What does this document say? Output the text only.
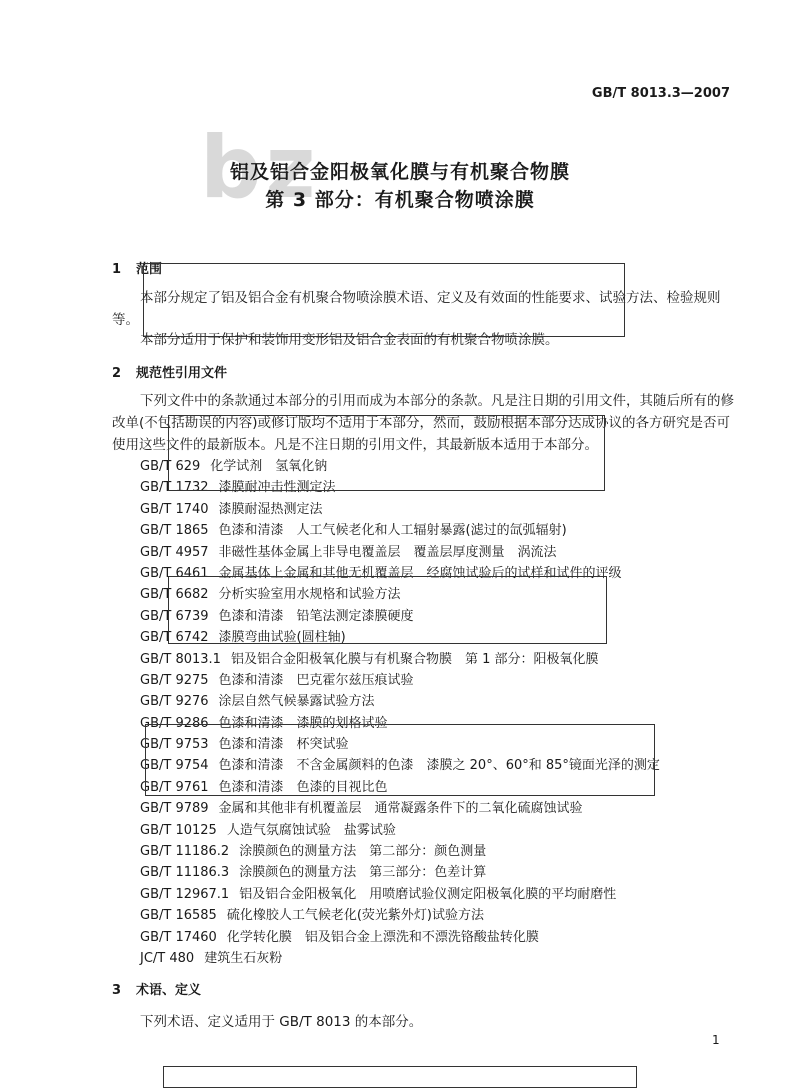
GB/T 8013.3—2007
bz
铝及铝合金阳极氧化膜与有机聚合物膜
第 3 部分：有机聚合物喷涂膜
1 范围
本部分规定了铝及铝合金有机聚合物喷涂膜术语、定义及有效面的性能要求、试验方法、检验规则等。
本部分适用于保护和装饰用变形铝及铝合金表面的有机聚合物喷涂膜。
2 规范性引用文件
下列文件中的条款通过本部分的引用而成为本部分的条款。凡是注日期的引用文件，其随后所有的修改单(不包括勘误的内容)或修订版均不适用于本部分，然而，鼓励根据本部分达成协议的各方研究是否可使用这些文件的最新版本。凡是不注日期的引用文件，其最新版本适用于本部分。
GB/T 629 化学试剂　氢氧化钠
GB/T 1732 漆膜耐冲击性测定法
GB/T 1740 漆膜耐湿热测定法
GB/T 1865 色漆和清漆　人工气候老化和人工辐射暴露(滤过的氙弧辐射)
GB/T 4957 非磁性基体金属上非导电覆盖层　覆盖层厚度测量　涡流法
GB/T 6461 金属基体上金属和其他无机覆盖层　经腐蚀试验后的试样和试件的评级
GB/T 6682 分析实验室用水规格和试验方法
GB/T 6739 色漆和清漆　铅笔法测定漆膜硬度
GB/T 6742 漆膜弯曲试验(圆柱轴)
GB/T 8013.1 铝及铝合金阳极氧化膜与有机聚合物膜　第 1 部分：阳极氧化膜
GB/T 9275 色漆和清漆　巴克霍尔兹压痕试验
GB/T 9276 涂层自然气候暴露试验方法
GB/T 9286 色漆和清漆　漆膜的划格试验
GB/T 9753 色漆和清漆　杯突试验
GB/T 9754 色漆和清漆　不含金属颜料的色漆　漆膜之 20°、60°和 85°镜面光泽的测定
GB/T 9761 色漆和清漆　色漆的目视比色
GB/T 9789 金属和其他非有机覆盖层　通常凝露条件下的二氧化硫腐蚀试验
GB/T 10125 人造气氛腐蚀试验　盐雾试验
GB/T 11186.2 涂膜颜色的测量方法　第二部分：颜色测量
GB/T 11186.3 涂膜颜色的测量方法　第三部分：色差计算
GB/T 12967.1 铝及铝合金阳极氧化　用喷磨试验仪测定阳极氧化膜的平均耐磨性
GB/T 16585 硫化橡胶人工气候老化(荧光紫外灯)试验方法
GB/T 17460 化学转化膜　铝及铝合金上漂洗和不漂洗铬酸盐转化膜
JC/T 480 建筑生石灰粉
3 术语、定义
下列术语、定义适用于 GB/T 8013 的本部分。
1
